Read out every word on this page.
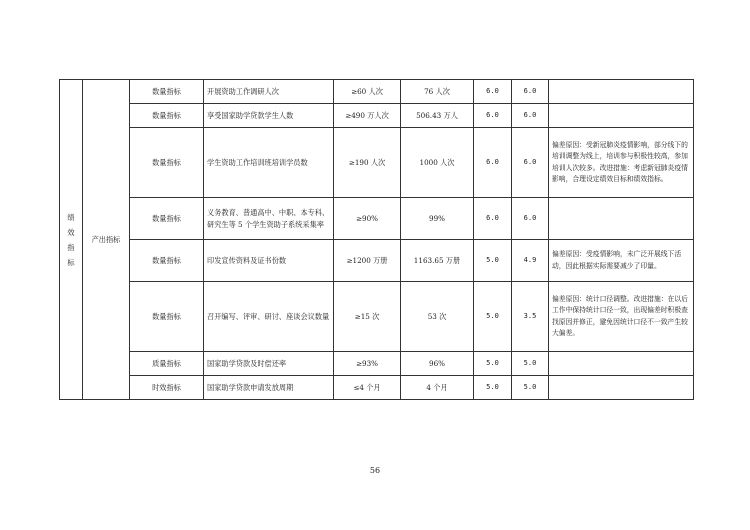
绩
效
指
标	产出指标	数量指标	开展资助工作调研人次	≥60 人次	76 人次	6.0	6.0	
		数量指标	享受国家助学贷款学生人数	≥490 万人次	506.43 万人	6.0	6.0	
		数量指标	学生资助工作培训班培训学员数	≥190 人次	1000 人次	6.0	6.0	偏差原因：受新冠肺炎疫情影响，部分线下的培训调整为线上，培训参与积极性较高，参加培训人次较多。改进措施：考虑新冠肺炎疫情影响，合理设定绩效目标和绩效指标。
		数量指标	义务教育、普通高中、中职、本专科、研究生等 5 个学生资助子系统采集率	≥90%	99%	6.0	6.0	
		数量指标	印发宣传资料及证书份数	≥1200 万册	1163.65 万册	5.0	4.9	偏差原因：受疫情影响，未广泛开展线下活动，因此根据实际需要减少了印量。
		数量指标	召开编写、评审、研讨、座谈会议数量	≥15 次	53 次	5.0	3.5	偏差原因：统计口径调整。改进措施：在以后工作中保持统计口径一致，出现偏差时积极查找原因并修正，避免因统计口径不一致产生较大偏差。
		质量指标	国家助学贷款及时偿还率	≥93%	96%	5.0	5.0	
		时效指标	国家助学贷款申请发放周期	≤4 个月	4 个月	5.0	5.0	
56
